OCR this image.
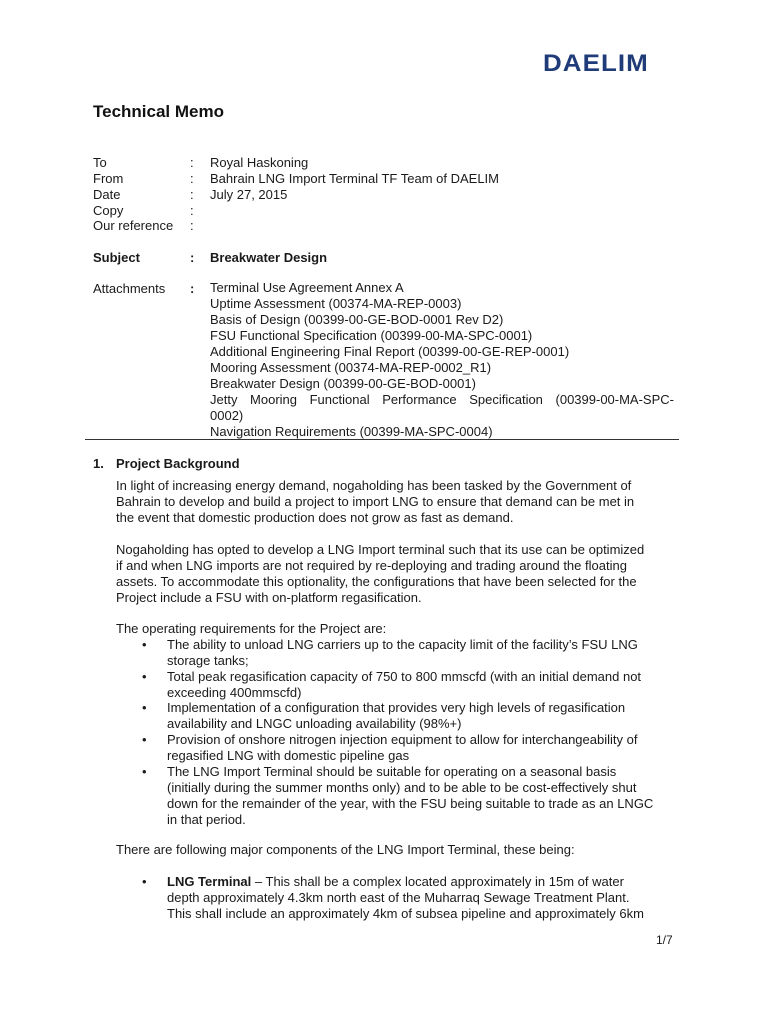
DAELIM
Technical Memo
To	: Royal Haskoning
From	: Bahrain LNG Import Terminal TF Team of DAELIM
Date	: July 27, 2015
Copy	:
Our reference :
Subject	: Breakwater Design
Attachments : Terminal Use Agreement Annex A
Uptime Assessment (00374-MA-REP-0003)
Basis of Design (00399-00-GE-BOD-0001 Rev D2)
FSU Functional Specification (00399-00-MA-SPC-0001)
Additional Engineering Final Report (00399-00-GE-REP-0001)
Mooring Assessment (00374-MA-REP-0002_R1)
Breakwater Design (00399-00-GE-BOD-0001)
Jetty Mooring Functional Performance Specification (00399-00-MA-SPC-
0002)
Navigation Requirements (00399-MA-SPC-0004)
1. Project Background
In light of increasing energy demand, nogaholding has been tasked by the Government of
Bahrain to develop and build a project to import LNG to ensure that demand can be met in
the event that domestic production does not grow as fast as demand.
Nogaholding has opted to develop a LNG Import terminal such that its use can be optimized
if and when LNG imports are not required by re-deploying and trading around the floating
assets. To accommodate this optionality, the configurations that have been selected for the
Project include a FSU with on-platform regasification.
The operating requirements for the Project are:
• The ability to unload LNG carriers up to the capacity limit of the facility’s FSU LNG
storage tanks;
• Total peak regasification capacity of 750 to 800 mmscfd (with an initial demand not
exceeding 400mmscfd)
• Implementation of a configuration that provides very high levels of regasification
availability and LNGC unloading availability (98%+)
• Provision of onshore nitrogen injection equipment to allow for interchangeability of
regasified LNG with domestic pipeline gas
• The LNG Import Terminal should be suitable for operating on a seasonal basis
(initially during the summer months only) and to be able to be cost-effectively shut
down for the remainder of the year, with the FSU being suitable to trade as an LNGC
in that period.
There are following major components of the LNG Import Terminal, these being:
• LNG Terminal – This shall be a complex located approximately in 15m of water
depth approximately 4.3km north east of the Muharraq Sewage Treatment Plant.
This shall include an approximately 4km of subsea pipeline and approximately 6km
1/7
